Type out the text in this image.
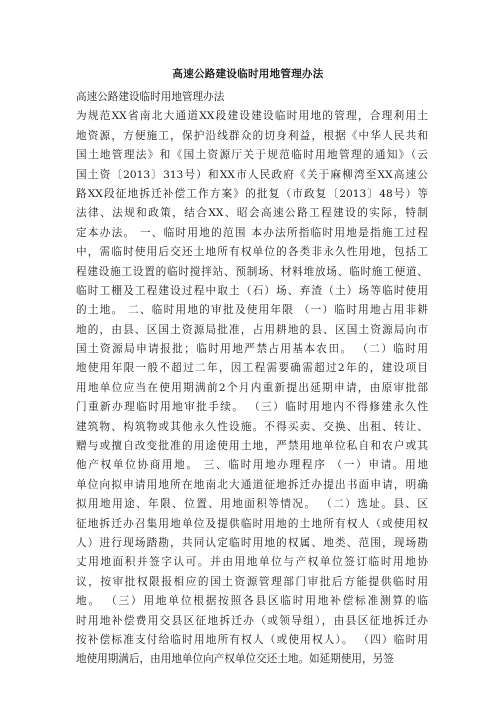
高速公路建设临时用地管理办法

高速公路建设临时用地管理办法

为规范XX省南北大通道XX段建设建设临时用地的管理，合理利用土
地资源，方便施工，保护沿线群众的切身利益，根据《中华人民共和
国土地管理法》和《国土资源厅关于规范临时用地管理的通知》（云
国土资〔2013〕313号）和XX市人民政府《关于麻柳湾至XX高速公
路XX段征地拆迁补偿工作方案》的批复（市政复〔2013〕48号）等
法律、法规和政策，结合XX、昭会高速公路工程建设的实际，特制
定本办法。 一、临时用地的范围 本办法所指临时用地是指施工过程
中，需临时使用后交还土地所有权单位的各类非永久性用地，包括工
程建设施工设置的临时搅拌站、预制场、材料堆放场、临时施工便道、
临时工棚及工程建设过程中取土（石）场、弃渣（土）场等临时使用
的土地。 二、临时用地的审批及使用年限 （一）临时用地占用非耕
地的，由县、区国土资源局批准，占用耕地的县、区国土资源局向市
国土资源局申请报批；临时用地严禁占用基本农田。 （二）临时用
地使用年限一般不超过二年，因工程需要确需超过2年的，建设项目
用地单位应当在使用期满前2个月内重新提出延期申请，由原审批部
门重新办理临时用地审批手续。 （三）临时用地内不得修建永久性
建筑物、构筑物或其他永久性设施。不得买卖、交换、出租、转让、
赠与或擅自改变批准的用途使用土地，严禁用地单位私自和农户或其
他产权单位协商用地。 三、临时用地办理程序 （一）申请。用地
单位向拟申请用地所在地南北大通道征地拆迁办提出书面申请，明确
拟用地用途、年限、位置、用地面积等情况。 （二）选址。县、区
征地拆迁办召集用地单位及提供临时用地的土地所有权人（或使用权
人）进行现场踏勘，共同认定临时用地的权属、地类、范围，现场勘
丈用地面积并签字认可。并由用地单位与产权单位签订临时用地协
议，按审批权限报相应的国土资源管理部门审批后方能提供临时用
地。 （三）用地单位根据按照各县区临时用地补偿标准测算的临
时用地补偿费用交县区征地拆迁办（或领导组），由县区征地拆迁办
按补偿标准支付给临时用地所有权人（或使用权人）。 （四）临时用
地使用期满后，由用地单位向产权单位交还土地。如延期使用，另签
